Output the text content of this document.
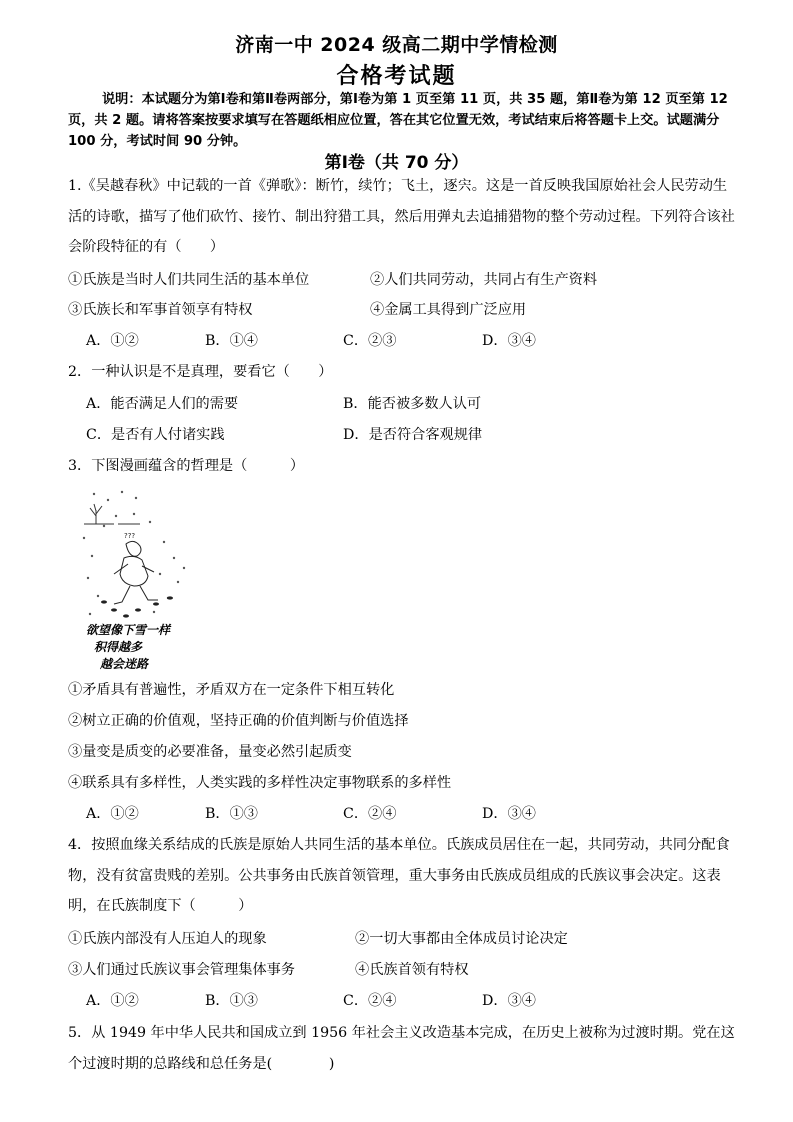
济南一中 2024 级高二期中学情检测
合格考试题
说明：本试题分为第Ⅰ卷和第Ⅱ卷两部分，第Ⅰ卷为第 1 页至第 11 页，共 35 题，第Ⅱ卷为第 12 页至第 12 页，共 2 题。请将答案按要求填写在答题纸相应位置，答在其它位置无效，考试结束后将答题卡上交。试题满分 100 分，考试时间 90 分钟。
第Ⅰ卷（共 70 分）
1.《吴越春秋》中记载的一首《弹歌》：断竹，续竹；飞土，逐宍。这是一首反映我国原始社会人民劳动生活的诗歌，描写了他们砍竹、接竹、制出狩猎工具，然后用弹丸去追捕猎物的整个劳动过程。下列符合该社会阶段特征的有（　　）
①氏族是当时人们共同生活的基本单位	②人们共同劳动，共同占有生产资料
③氏族长和军事首领享有特权	④金属工具得到广泛应用
A．①②	B．①④	C．②③	D．③④
2．一种认识是不是真理，要看它（　　）
A．能否满足人们的需要	B．能否被多数人认可
C．是否有人付诸实践	D．是否符合客观规律
3．下图漫画蕴含的哲理是（　　　）
???
欲望像下雪一样
积得越多
越会迷路
①矛盾具有普遍性，矛盾双方在一定条件下相互转化
②树立正确的价值观，坚持正确的价值判断与价值选择
③量变是质变的必要准备，量变必然引起质变
④联系具有多样性，人类实践的多样性决定事物联系的多样性
A．①②	B．①③	C．②④	D．③④
4．按照血缘关系结成的氏族是原始人共同生活的基本单位。氏族成员居住在一起，共同劳动，共同分配食物，没有贫富贵贱的差别。公共事务由氏族首领管理，重大事务由氏族成员组成的氏族议事会决定。这表明，在氏族制度下（　　　）
①氏族内部没有人压迫人的现象	②一切大事都由全体成员讨论决定
③人们通过氏族议事会管理集体事务	④氏族首领有特权
A．①②	B．①③	C．②④	D．③④
5．从 1949 年中华人民共和国成立到 1956 年社会主义改造基本完成，在历史上被称为过渡时期。党在这个过渡时期的总路线和总任务是(　　　　)
